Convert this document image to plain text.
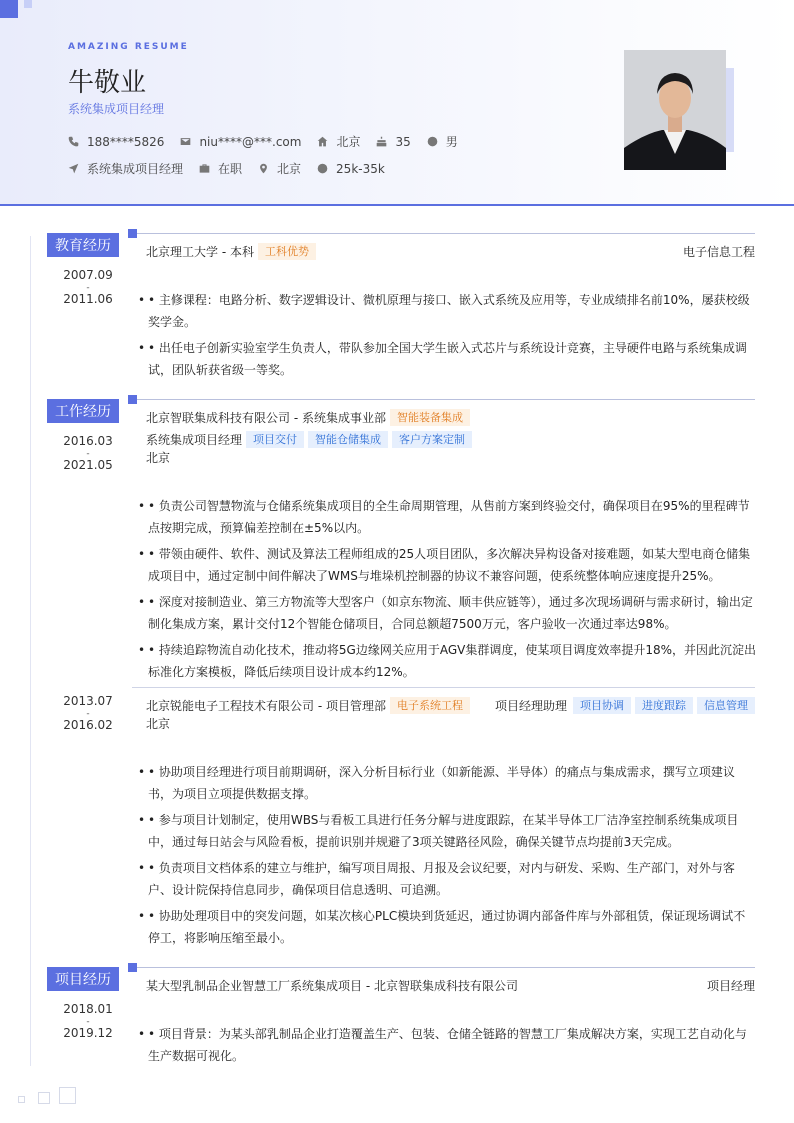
AMAZING RESUME
牛敬业
系统集成项目经理
188****5826	niu****@***.com	北京	35	男
系统集成项目经理	在职	北京	25k-35k
教育经历
2007.09
-
2011.06
北京理工大学 - 本科	工科优势	电子信息工程
• • 主修课程：电路分析、数字逻辑设计、微机原理与接口、嵌入式系统及应用等，专业成绩排名前10%，屡获校级奖学金。
• • 出任电子创新实验室学生负责人，带队参加全国大学生嵌入式芯片与系统设计竞赛，主导硬件电路与系统集成调试，团队斩获省级一等奖。
工作经历
2016.03
-
2021.05
北京智联集成科技有限公司 - 系统集成事业部	智能装备集成
系统集成项目经理	项目交付	智能仓储集成	客户方案定制
北京
• • 负责公司智慧物流与仓储系统集成项目的全生命周期管理，从售前方案到终验交付，确保项目在95%的里程碑节点按期完成，预算偏差控制在±5%以内。
• • 带领由硬件、软件、测试及算法工程师组成的25人项目团队，多次解决异构设备对接难题，如某大型电商仓储集成项目中，通过定制中间件解决了WMS与堆垛机控制器的协议不兼容问题，使系统整体响应速度提升25%。
• • 深度对接制造业、第三方物流等大型客户（如京东物流、顺丰供应链等），通过多次现场调研与需求研讨，输出定制化集成方案，累计交付12个智能仓储项目，合同总额超7500万元，客户验收一次通过率达98%。
• • 持续追踪物流自动化技术，推动将5G边缘网关应用于AGV集群调度，使某项目调度效率提升18%，并因此沉淀出标准化方案模板，降低后续项目设计成本约12%。
2013.07
-
2016.02
北京锐能电子工程技术有限公司 - 项目管理部	电子系统工程	项目经理助理	项目协调	进度跟踪	信息管理
北京
• • 协助项目经理进行项目前期调研，深入分析目标行业（如新能源、半导体）的痛点与集成需求，撰写立项建议书，为项目立项提供数据支撑。
• • 参与项目计划制定，使用WBS与看板工具进行任务分解与进度跟踪，在某半导体工厂洁净室控制系统集成项目中，通过每日站会与风险看板，提前识别并规避了3项关键路径风险，确保关键节点均提前3天完成。
• • 负责项目文档体系的建立与维护，编写项目周报、月报及会议纪要，对内与研发、采购、生产部门，对外与客户、设计院保持信息同步，确保项目信息透明、可追溯。
• • 协助处理项目中的突发问题，如某次核心PLC模块到货延迟，通过协调内部备件库与外部租赁，保证现场调试不停工，将影响压缩至最小。
项目经历
2018.01
-
2019.12
某大型乳制品企业智慧工厂系统集成项目 - 北京智联集成科技有限公司	项目经理
• • 项目背景：为某头部乳制品企业打造覆盖生产、包装、仓储全链路的智慧工厂集成解决方案，实现工艺自动化与生产数据可视化。
